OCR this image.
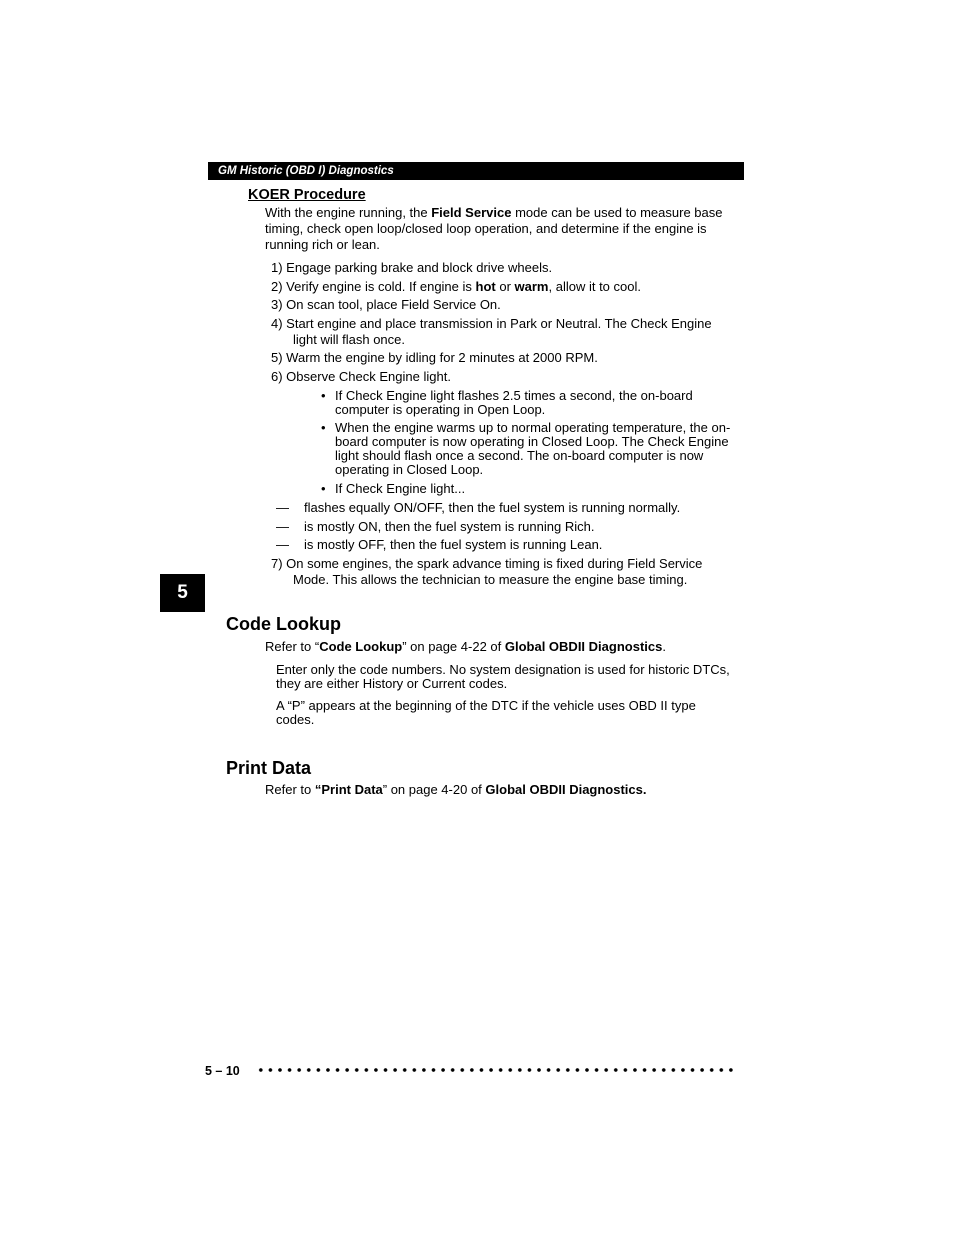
GM Historic (OBD I) Diagnostics
KOER Procedure
With the engine running, the Field Service mode can be used to measure base timing, check open loop/closed loop operation, and determine if the engine is running rich or lean.
1) Engage parking brake and block drive wheels.
2) Verify engine is cold. If engine is hot or warm, allow it to cool.
3) On scan tool, place Field Service On.
4) Start engine and place transmission in Park or Neutral. The Check Engine
light will flash once.
5) Warm the engine by idling for 2 minutes at 2000 RPM.
6) Observe Check Engine light.
• If Check Engine light flashes 2.5 times a second, the on-board computer is operating in Open Loop.
• When the engine warms up to normal operating temperature, the on-board computer is now operating in Closed Loop. The Check Engine light should flash once a second. The on-board computer is now operating in Closed Loop.
• If Check Engine light...
— flashes equally ON/OFF, then the fuel system is running normally.
— is mostly ON, then the fuel system is running Rich.
— is mostly OFF, then the fuel system is running Lean.
7) On some engines, the spark advance timing is fixed during Field Service
Mode. This allows the technician to measure the engine base timing.
5
Code Lookup
Refer to “Code Lookup” on page 4-22 of Global OBDII Diagnostics.
Enter only the code numbers. No system designation is used for historic DTCs, they are either History or Current codes.
A “P” appears at the beginning of the DTC if the vehicle uses OBD II type codes.
Print Data
Refer to “Print Data” on page 4-20 of Global OBDII Diagnostics.
5 – 10
